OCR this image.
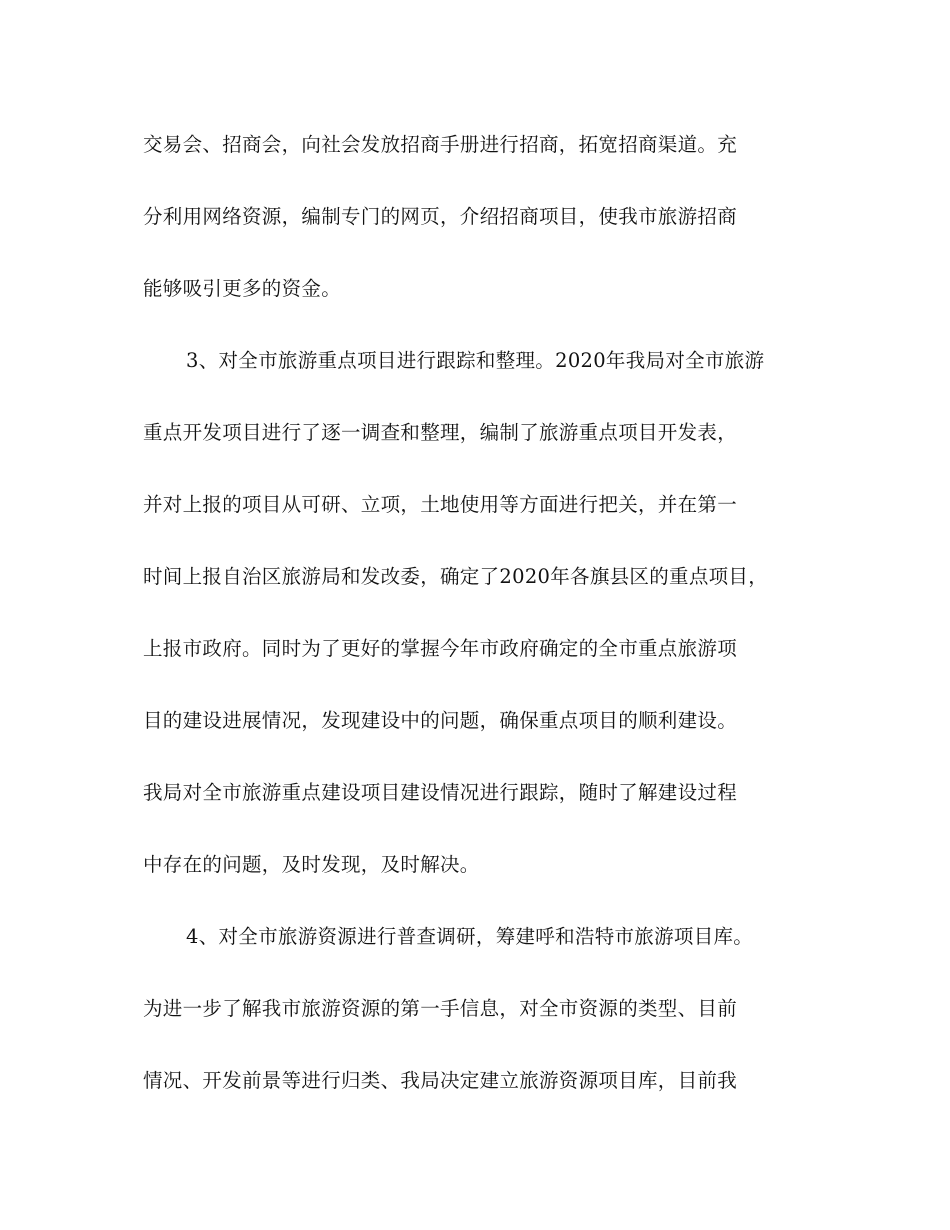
交易会、招商会，向社会发放招商手册进行招商，拓宽招商渠道。充
分利用网络资源，编制专门的网页，介绍招商项目，使我市旅游招商
能够吸引更多的资金。
3、对全市旅游重点项目进行跟踪和整理。2020年我局对全市旅游
重点开发项目进行了逐一调查和整理，编制了旅游重点项目开发表，
并对上报的项目从可研、立项，土地使用等方面进行把关，并在第一
时间上报自治区旅游局和发改委，确定了2020年各旗县区的重点项目，
上报市政府。同时为了更好的掌握今年市政府确定的全市重点旅游项
目的建设进展情况，发现建设中的问题，确保重点项目的顺利建设。
我局对全市旅游重点建设项目建设情况进行跟踪，随时了解建设过程
中存在的问题，及时发现，及时解决。
4、对全市旅游资源进行普查调研，筹建呼和浩特市旅游项目库。
为进一步了解我市旅游资源的第一手信息，对全市资源的类型、目前
情况、开发前景等进行归类、我局决定建立旅游资源项目库，目前我
